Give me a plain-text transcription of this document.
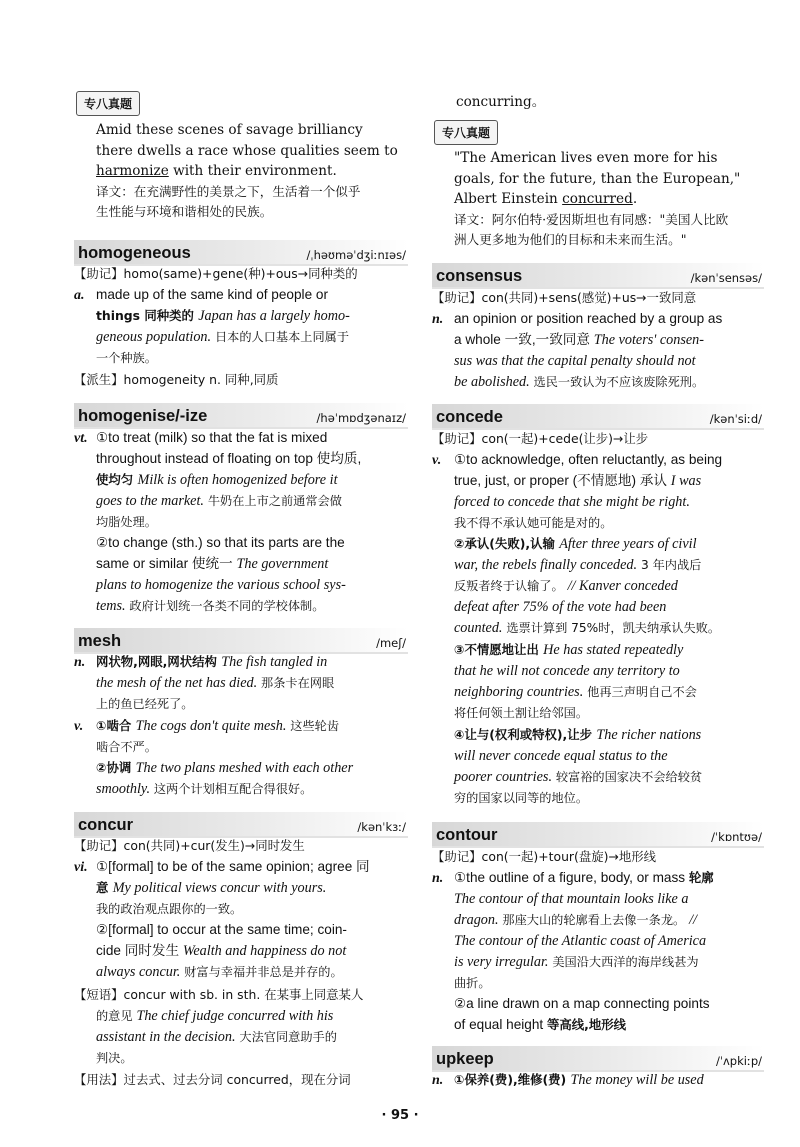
专八真题
Amid these scenes of savage brilliancy
there dwells a race whose qualities seem to
harmonize with their environment.
译文：在充满野性的美景之下，生活着一个似乎
生性能与环境和谐相处的民族。
homogeneous	/ˌhəʊməˈdʒiːnɪəs/
【助记】homo(same)+gene(种)+ous→同种类的
a. made up of the same kind of people or
things 同种类的 Japan has a largely homo-
geneous population. 日本的人口基本上同属于
一个种族。
【派生】homogeneity n. 同种,同质
homogenise/-ize	/həˈmɒdʒənaɪz/
vt. ①to treat (milk) so that the fat is mixed
throughout instead of floating on top 使均质,
使均匀 Milk is often homogenized before it
goes to the market. 牛奶在上市之前通常会做
均脂处理。
②to change (sth.) so that its parts are the
same or similar 使统一 The government
plans to homogenize the various school sys-
tems. 政府计划统一各类不同的学校体制。
mesh	/meʃ/
n. 网状物,网眼,网状结构 The fish tangled in
the mesh of the net has died. 那条卡在网眼
上的鱼已经死了。
v. ①啮合 The cogs don't quite mesh. 这些轮齿
啮合不严。
②协调 The two plans meshed with each other
smoothly. 这两个计划相互配合得很好。
concur	/kənˈkɜː/
【助记】con(共同)+cur(发生)→同时发生
vi. ①[formal] to be of the same opinion; agree 同
意 My political views concur with yours.
我的政治观点跟你的一致。
②[formal] to occur at the same time; coin-
cide 同时发生 Wealth and happiness do not
always concur. 财富与幸福并非总是并存的。
【短语】concur with sb. in sth. 在某事上同意某人
的意见 The chief judge concurred with his
assistant in the decision. 大法官同意助手的
判决。
【用法】过去式、过去分词 concurred，现在分词
concurring。
专八真题
"The American lives even more for his
goals, for the future, than the European,"
Albert Einstein concurred.
译文：阿尔伯特·爱因斯坦也有同感："美国人比欧
洲人更多地为他们的目标和未来而生活。"
consensus	/kənˈsensəs/
【助记】con(共同)+sens(感觉)+us→一致同意
n. an opinion or position reached by a group as
a whole 一致,一致同意 The voters' consen-
sus was that the capital penalty should not
be abolished. 选民一致认为不应该废除死刑。
concede	/kənˈsiːd/
【助记】con(一起)+cede(让步)→让步
v. ①to acknowledge, often reluctantly, as being
true, just, or proper (不情愿地) 承认 I was
forced to concede that she might be right.
我不得不承认她可能是对的。
②承认(失败),认输 After three years of civil
war, the rebels finally conceded. 3 年内战后
反叛者终于认输了。 // Kanver conceded
defeat after 75% of the vote had been
counted. 选票计算到 75%时，凯夫纳承认失败。
③不情愿地让出 He has stated repeatedly
that he will not concede any territory to
neighboring countries. 他再三声明自己不会
将任何领土割让给邻国。
④让与(权利或特权),让步 The richer nations
will never concede equal status to the
poorer countries. 较富裕的国家决不会给较贫
穷的国家以同等的地位。
contour	/ˈkɒntʊə/
【助记】con(一起)+tour(盘旋)→地形线
n. ①the outline of a figure, body, or mass 轮廓
The contour of that mountain looks like a
dragon. 那座大山的轮廓看上去像一条龙。 //
The contour of the Atlantic coast of America
is very irregular. 美国沿大西洋的海岸线甚为
曲折。
②a line drawn on a map connecting points
of equal height 等高线,地形线
upkeep	/ˈʌpkiːp/
n. ①保养(费),维修(费) The money will be used
· 95 ·
